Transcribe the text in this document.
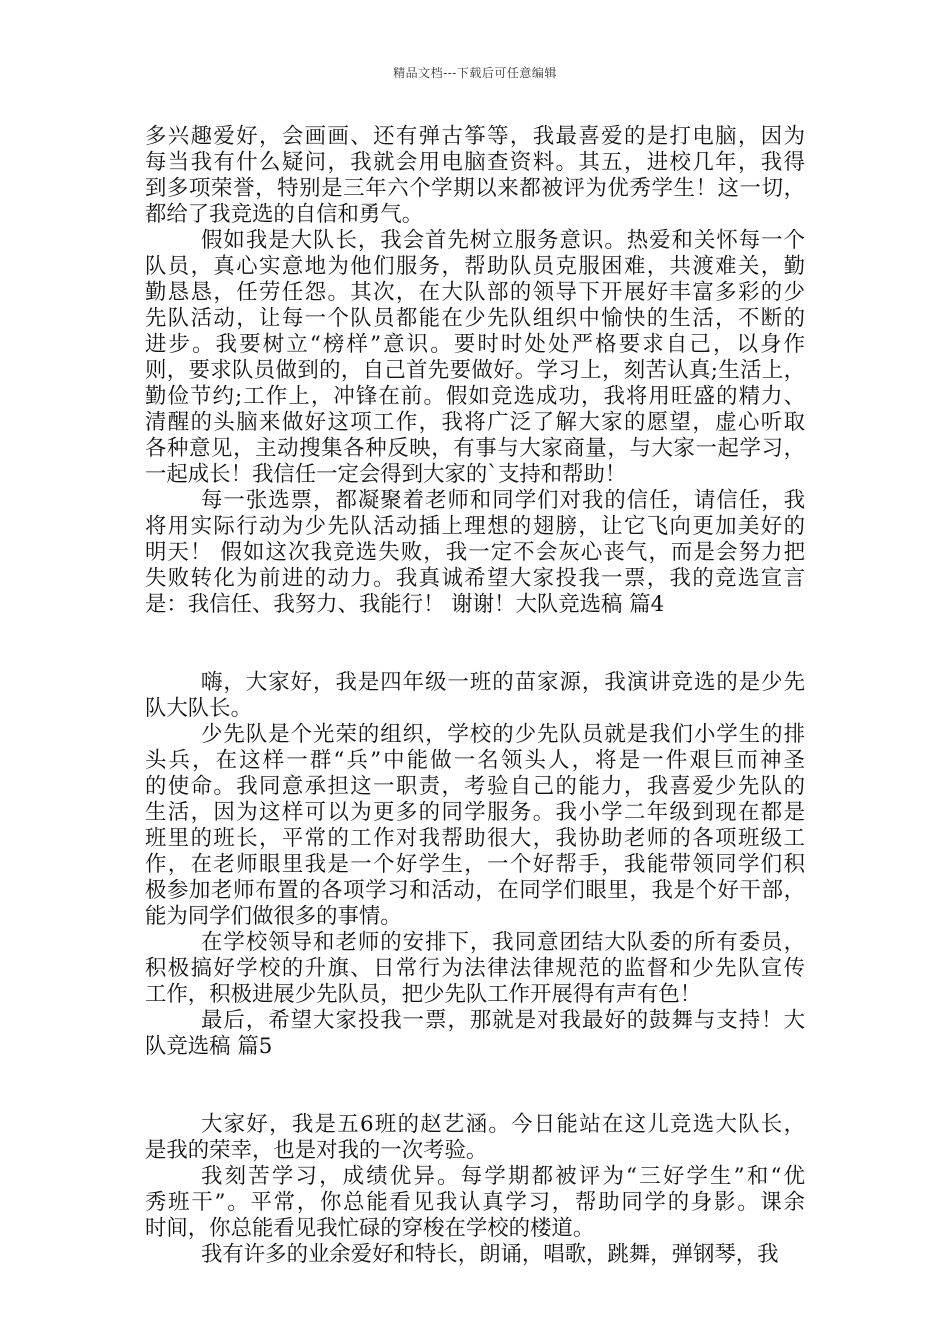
精品文档---下载后可任意编辑
多兴趣爱好，会画画、还有弹古筝等，我最喜爱的是打电脑，因为
每当我有什么疑问，我就会用电脑查资料。其五，进校几年，我得
到多项荣誉，特别是三年六个学期以来都被评为优秀学生！这一切，
都给了我竞选的自信和勇气。
假如我是大队长，我会首先树立服务意识。热爱和关怀每一个
队员，真心实意地为他们服务，帮助队员克服困难，共渡难关，勤
勤恳恳，任劳任怨。其次，在大队部的领导下开展好丰富多彩的少
先队活动，让每一个队员都能在少先队组织中愉快的生活，不断的
进步。我要树立“榜样”意识。要时时处处严格要求自己，以身作
则，要求队员做到的，自己首先要做好。学习上，刻苦认真;生活上，
勤俭节约;工作上，冲锋在前。假如竞选成功，我将用旺盛的精力、
清醒的头脑来做好这项工作，我将广泛了解大家的愿望，虚心听取
各种意见，主动搜集各种反映，有事与大家商量，与大家一起学习，
一起成长！我信任一定会得到大家的`支持和帮助！
每一张选票，都凝聚着老师和同学们对我的信任，请信任，我
将用实际行动为少先队活动插上理想的翅膀，让它飞向更加美好的
明天！ 假如这次我竞选失败，我一定不会灰心丧气，而是会努力把
失败转化为前进的动力。我真诚希望大家投我一票，我的竞选宣言
是：我信任、我努力、我能行！ 谢谢！大队竞选稿 篇4
嗨，大家好，我是四年级一班的苗家源，我演讲竞选的是少先
队大队长。
少先队是个光荣的组织，学校的少先队员就是我们小学生的排
头兵，在这样一群“兵”中能做一名领头人，将是一件艰巨而神圣
的使命。我同意承担这一职责，考验自己的能力，我喜爱少先队的
生活，因为这样可以为更多的同学服务。我小学二年级到现在都是
班里的班长，平常的工作对我帮助很大，我协助老师的各项班级工
作，在老师眼里我是一个好学生，一个好帮手，我能带领同学们积
极参加老师布置的各项学习和活动，在同学们眼里，我是个好干部，
能为同学们做很多的事情。
在学校领导和老师的安排下，我同意团结大队委的所有委员，
积极搞好学校的升旗、日常行为法律法律规范的监督和少先队宣传
工作，积极进展少先队员，把少先队工作开展得有声有色！
最后，希望大家投我一票，那就是对我最好的鼓舞与支持！大
队竞选稿 篇5
大家好，我是五6班的赵艺涵。今日能站在这儿竞选大队长，
是我的荣幸，也是对我的一次考验。
我刻苦学习，成绩优异。每学期都被评为“三好学生”和“优
秀班干”。平常，你总能看见我认真学习，帮助同学的身影。课余
时间，你总能看见我忙碌的穿梭在学校的楼道。
我有许多的业余爱好和特长，朗诵，唱歌，跳舞，弹钢琴，我
